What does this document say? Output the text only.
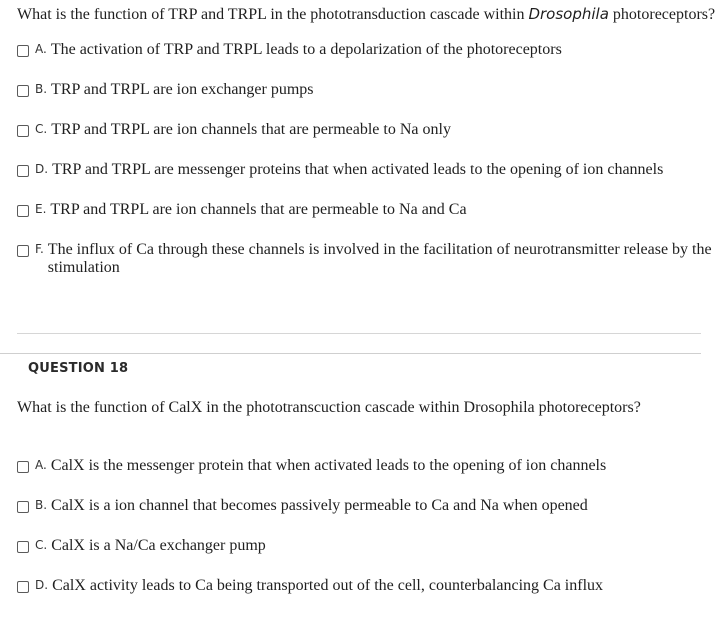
What is the function of TRP and TRPL in the phototransduction cascade within Drosophila photoreceptors?
A. The activation of TRP and TRPL leads to a depolarization of the photoreceptors
B. TRP and TRPL are ion exchanger pumps
C. TRP and TRPL are ion channels that are permeable to Na only
D. TRP and TRPL are messenger proteins that when activated leads to the opening of ion channels
E. TRP and TRPL are ion channels that are permeable to Na and Ca
F. The influx of Ca through these channels is involved in the facilitation of neurotransmitter release by the
stimulation
QUESTION 18
What is the function of CalX in the phototranscuction cascade within Drosophila photoreceptors?
A. CalX is the messenger protein that when activated leads to the opening of ion channels
B. CalX is a ion channel that becomes passively permeable to Ca and Na when opened
C. CalX is a Na/Ca exchanger pump
D. CalX activity leads to Ca being transported out of the cell, counterbalancing Ca influx
